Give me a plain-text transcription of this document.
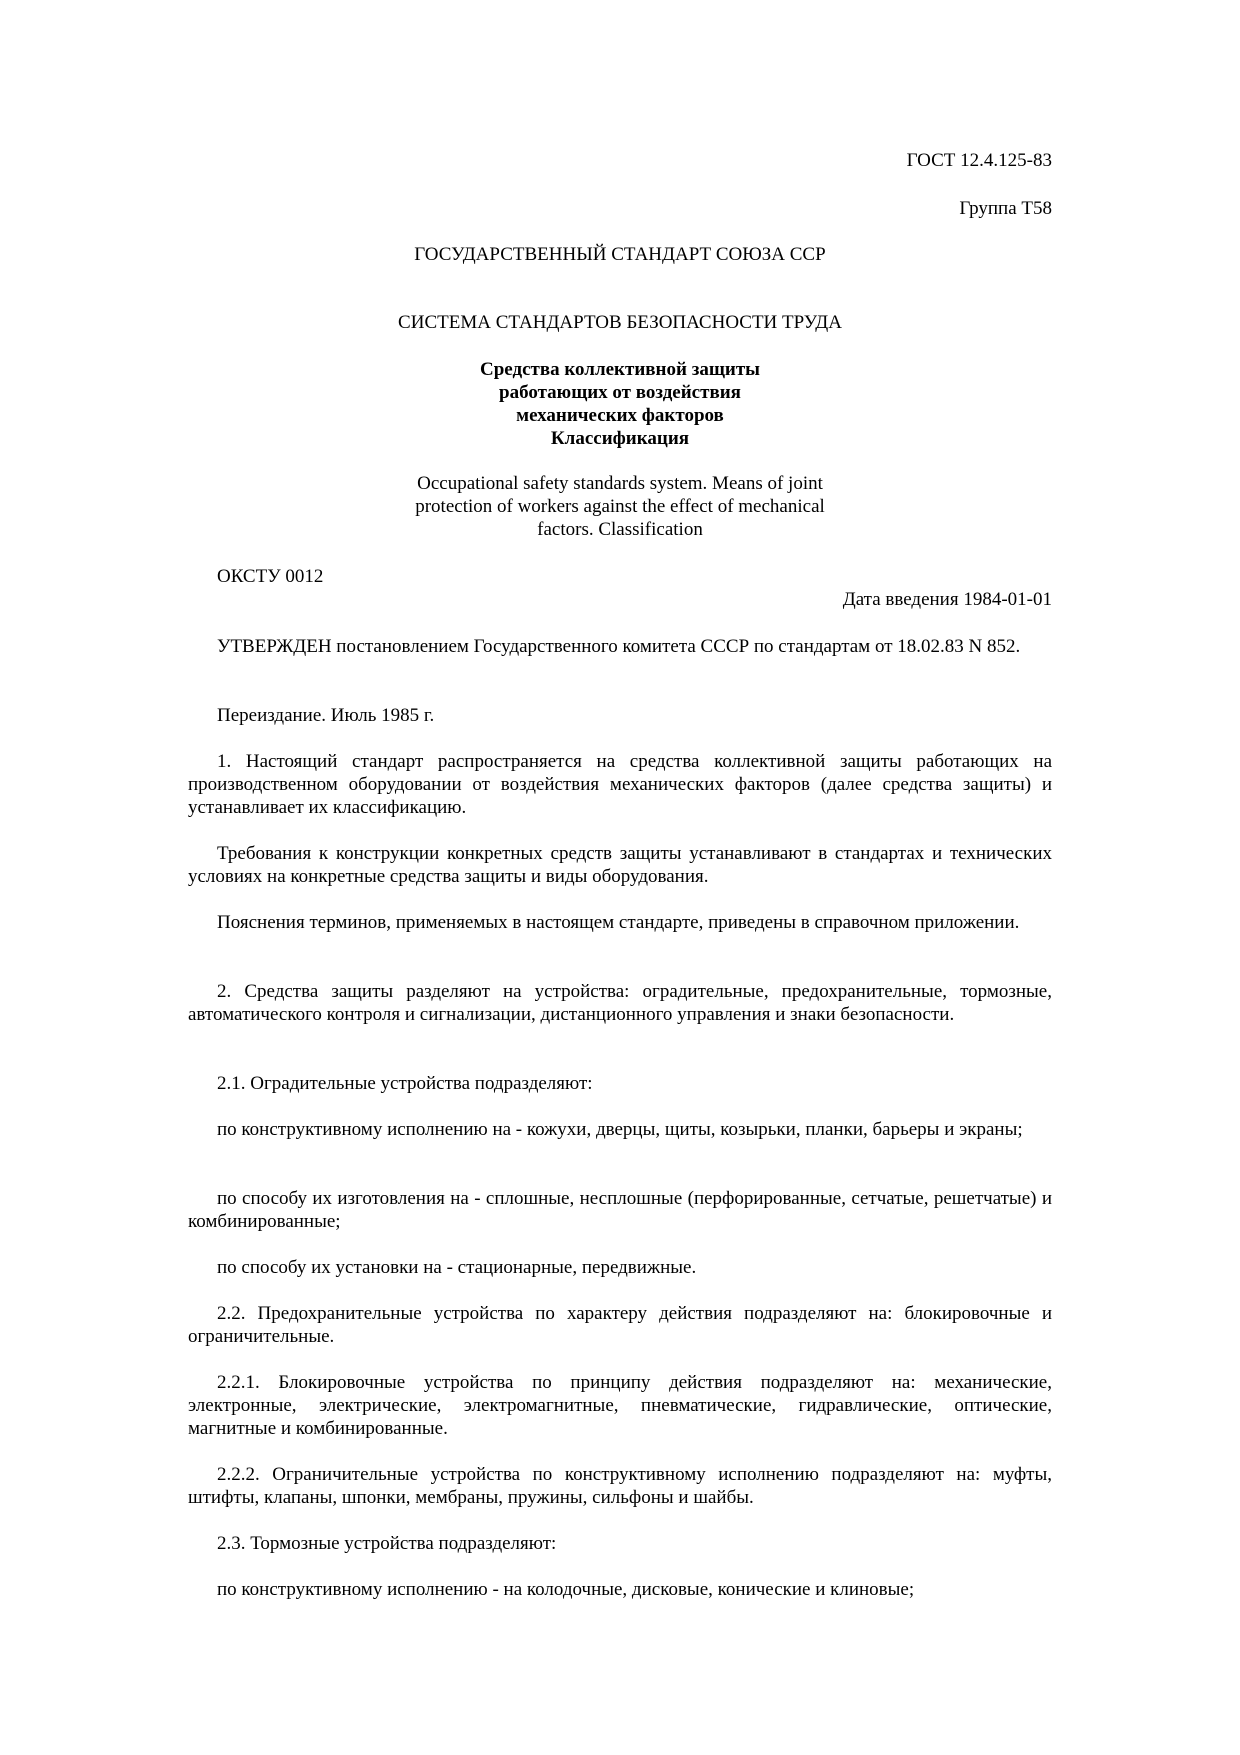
ГОСТ 12.4.125-83

Группа Т58

ГОСУДАРСТВЕННЫЙ СТАНДАРТ СОЮЗА ССР

СИСТЕМА СТАНДАРТОВ БЕЗОПАСНОСТИ ТРУДА

Средства коллективной защиты
работающих от воздействия
механических факторов
Классификация
Occupational safety standards system. Means of joint
protection of workers against the effect of mechanical
factors. Classification

ОКСТУ 0012

Дата введения 1984-01-01

УТВЕРЖДЕН постановлением Государственного комитета СССР по стандартам от 18.02.83 N 852.

Переиздание. Июль 1985 г.

1. Настоящий стандарт распространяется на средства коллективной защиты работающих на производственном оборудовании от воздействия механических факторов (далее средства защиты) и устанавливает их классификацию.

Требования к конструкции конкретных средств защиты устанавливают в стандартах и технических условиях на конкретные средства защиты и виды оборудования.

Пояснения терминов, применяемых в настоящем стандарте, приведены в справочном приложении.

2. Средства защиты разделяют на устройства: оградительные, предохранительные, тормозные, автоматического контроля и сигнализации, дистанционного управления и знаки безопасности.

2.1. Оградительные устройства подразделяют:

по конструктивному исполнению на - кожухи, дверцы, щиты, козырьки, планки, барьеры и экраны;

по способу их изготовления на - сплошные, несплошные (перфорированные, сетчатые, решетчатые) и комбинированные;

по способу их установки на - стационарные, передвижные.

2.2. Предохранительные устройства по характеру действия подразделяют на: блокировочные и ограничительные.

2.2.1. Блокировочные устройства по принципу действия подразделяют на: механические, электронные, электрические, электромагнитные, пневматические, гидравлические, оптические, магнитные и комбинированные.

2.2.2. Ограничительные устройства по конструктивному исполнению подразделяют на: муфты, штифты, клапаны, шпонки, мембраны, пружины, сильфоны и шайбы.

2.3. Тормозные устройства подразделяют:

по конструктивному исполнению - на колодочные, дисковые, конические и клиновые;
